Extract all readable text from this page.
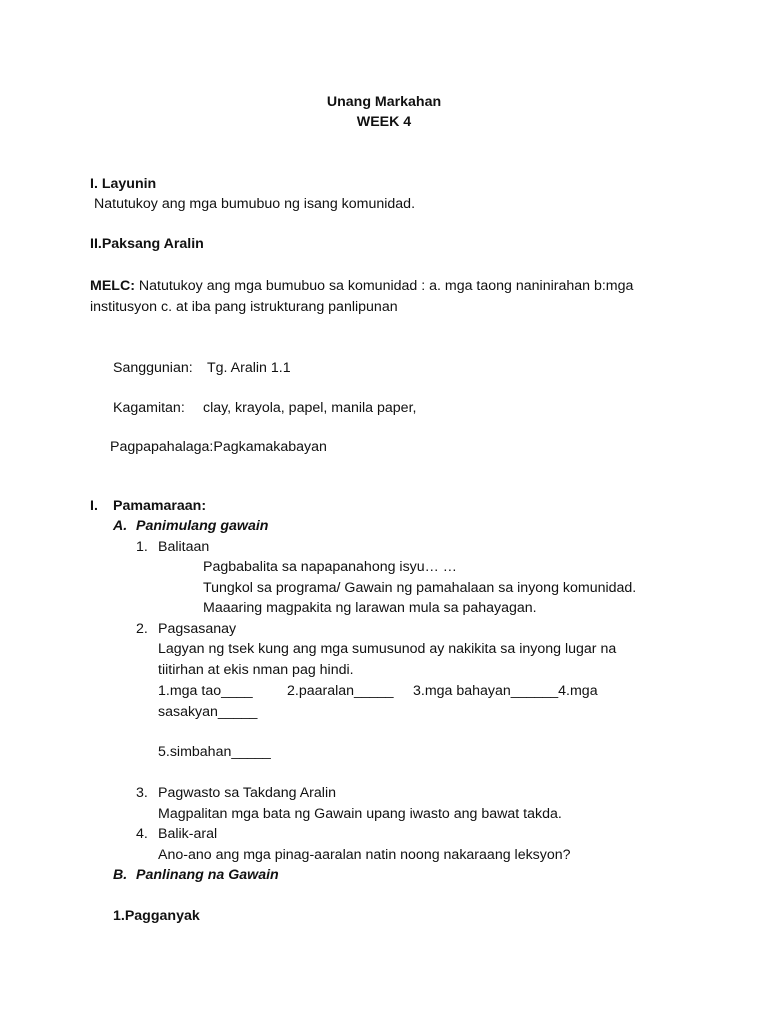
Unang Markahan
WEEK 4
I. Layunin
Natutukoy ang mga bumubuo ng isang komunidad.
II.Paksang Aralin
MELC: Natutukoy ang mga bumubuo sa komunidad : a. mga taong naninirahan b:mga
institusyon c. at iba pang istrukturang panlipunan
Sanggunian: Tg. Aralin 1.1
Kagamitan: clay, krayola, papel, manila paper,
Pagpapahalaga:Pagkamakabayan
I. Pamamaraan:
A. Panimulang gawain
1. Balitaan
Pagbabalita sa napapanahong isyu… …
Tungkol sa programa/ Gawain ng pamahalaan sa inyong komunidad.
Maaaring magpakita ng larawan mula sa pahayagan.
2. Pagsasanay
Lagyan ng tsek kung ang mga sumusunod ay nakikita sa inyong lugar na
tiitirhan at ekis nman pag hindi.
1.mga tao____ 2.paaralan_____ 3.mga bahayan______4.mga
sasakyan_____
5.simbahan_____
3. Pagwasto sa Takdang Aralin
Magpalitan mga bata ng Gawain upang iwasto ang bawat takda.
4. Balik-aral
Ano-ano ang mga pinag-aaralan natin noong nakaraang leksyon?
B. Panlinang na Gawain
1.Pagganyak
